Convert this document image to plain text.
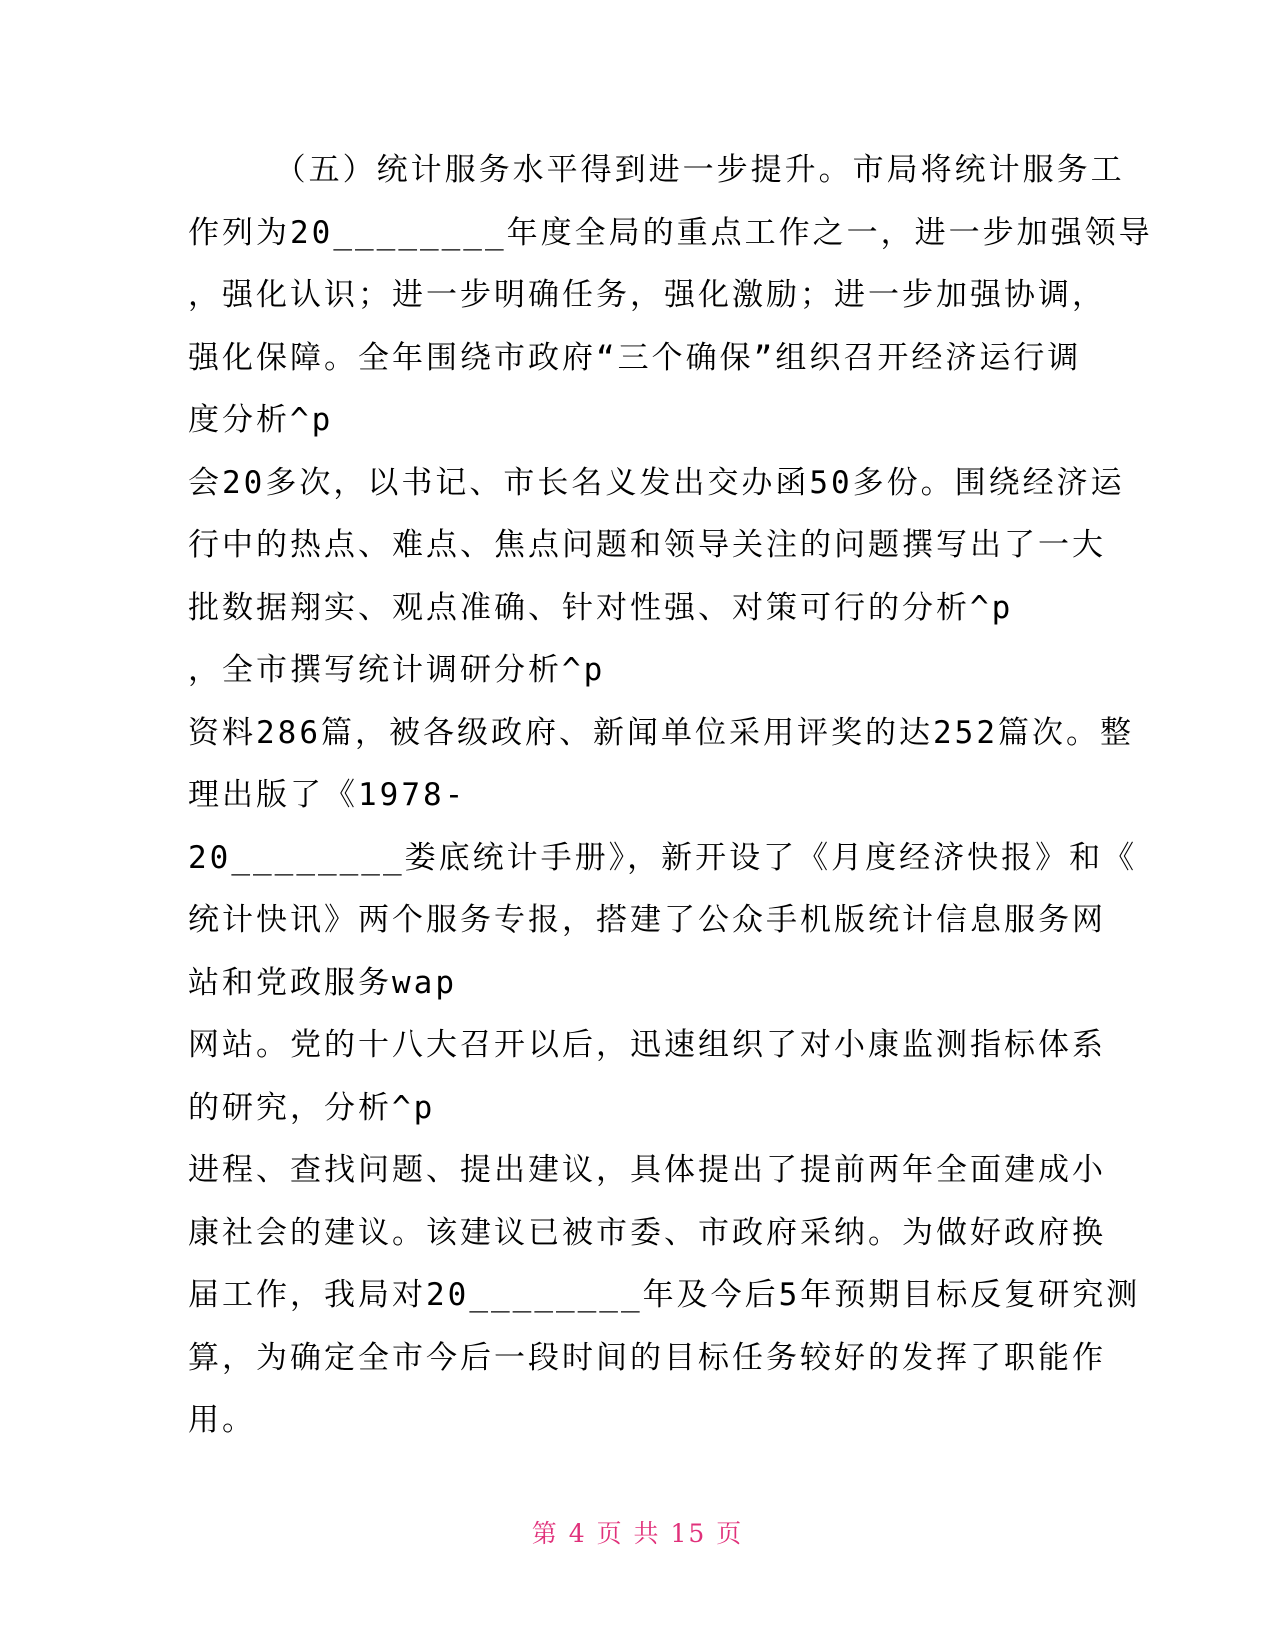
（五）统计服务水平得到进一步提升。市局将统计服务工
作列为20________年度全局的重点工作之一，进一步加强领导
，强化认识；进一步明确任务，强化激励；进一步加强协调，
强化保障。全年围绕市政府“三个确保”组织召开经济运行调
度分析^p
会20多次，以书记、市长名义发出交办函50多份。围绕经济运
行中的热点、难点、焦点问题和领导关注的问题撰写出了一大
批数据翔实、观点准确、针对性强、对策可行的分析^p
，全市撰写统计调研分析^p
资料286篇，被各级政府、新闻单位采用评奖的达252篇次。整
理出版了《1978-
20________娄底统计手册》，新开设了《月度经济快报》和《
统计快讯》两个服务专报，搭建了公众手机版统计信息服务网
站和党政服务wap
网站。党的十八大召开以后，迅速组织了对小康监测指标体系
的研究，分析^p
进程、查找问题、提出建议，具体提出了提前两年全面建成小
康社会的建议。该建议已被市委、市政府采纳。为做好政府换
届工作，我局对20________年及今后5年预期目标反复研究测
算，为确定全市今后一段时间的目标任务较好的发挥了职能作
用。
第 4 页 共 15 页
